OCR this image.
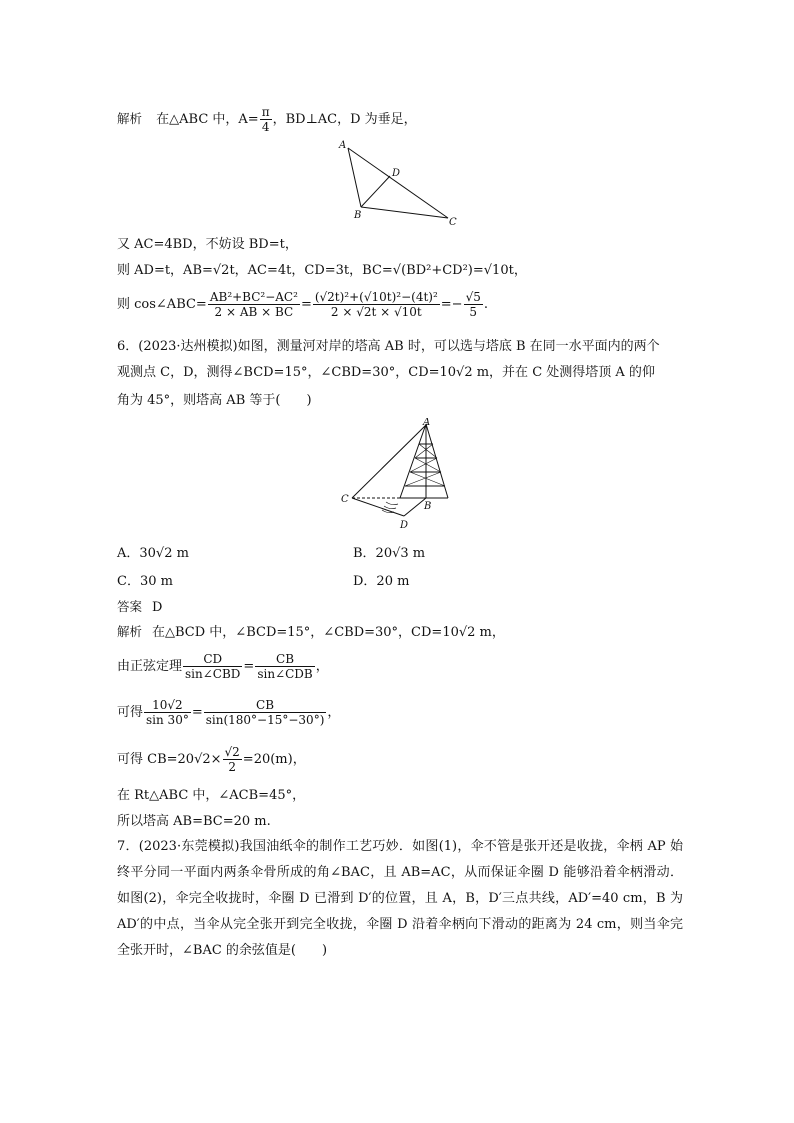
解析 在△ABC 中，$A= \frac{\pi}{4}$ ，BD⊥AC，D 为垂足，
A
D
B
C
又 AC=4BD，不妨设 BD=t，
则 AD=t，AB=√2t，AC=4t，CD=3t，BC=√(BD²+CD²)=√10t，
则 cos∠ABC= $\frac{\text{AB²+BC²−AC²}}{2 \times AB \times BC} = \frac{\text{(√2t)²+(√10t)²−(4t)²}}{2 \times √2t \times √10t} =- \frac{√5}{5}$ .
6．(2023·达州模拟)如图，测量河对岸的塔高 AB 时，可以选与塔底 B 在同一水平面内的两个
观测点 C，D，测得∠BCD=15°，∠CBD=30°，CD=10√2 m，并在 C 处测得塔顶 A 的仰
角为 45°，则塔高 AB 等于(　　)
A
C
B
D
A．30√2 m	B．20√3 m
C．30 m	D．20 m
答案 D
解析 在△BCD 中，∠BCD=15°，∠CBD=30°，CD=10√2 m，
由正弦定理 $\frac{CD}{\text{sin∠CBD}} = \frac{CB}{\text{sin∠CDB}}$ ，
可得 $\frac{10√2}{\sin 30^\circ} = \frac{CB}{\sin(180^\circ-15^\circ-30^\circ)}$ ，
可得 $CB=20√2\times \frac{√2}{2} =20(m)$，
在 Rt△ABC 中，∠ACB=45°，
所以塔高 AB=BC=20 m.
7．(2023·东莞模拟)我国油纸伞的制作工艺巧妙．如图(1)，伞不管是张开还是收拢，伞柄 AP 始终平分同一平面内两条伞骨所成的角∠BAC，且 AB=AC，从而保证伞圈 D 能够沿着伞柄滑动．如图(2)，伞完全收拢时，伞圈 D 已滑到 D′的位置，且 A，B，D′三点共线，AD′=40 cm，B 为 AD′的中点，当伞从完全张开到完全收拢，伞圈 D 沿着伞柄向下滑动的距离为 24 cm，则当伞完全张开时，∠BAC 的余弦值是(　　)
